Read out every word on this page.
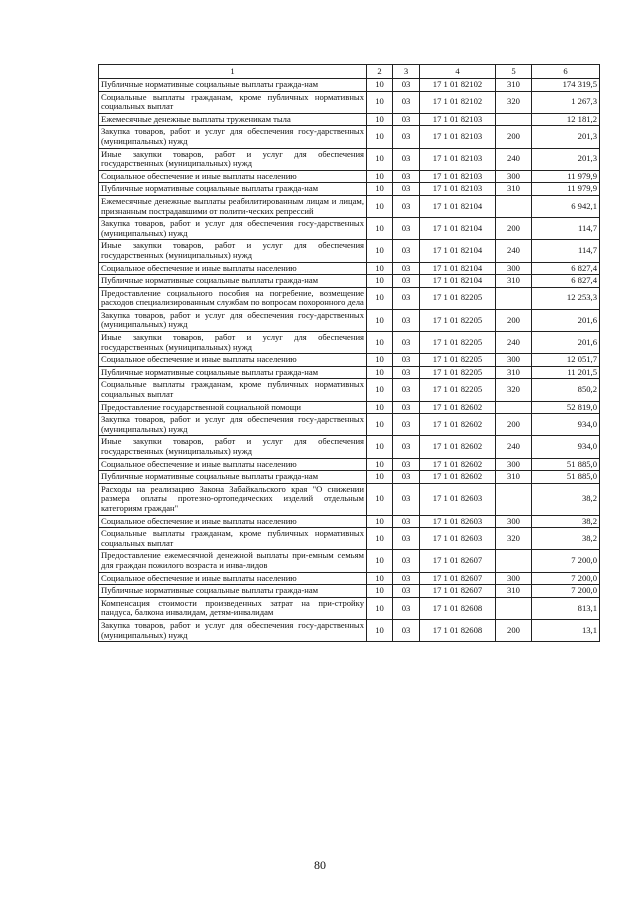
1	2	3	4	5	6
Публичные нормативные социальные выплаты гражда-нам	10	03	17 1 01 82102	310	174 319,5
Социальные выплаты гражданам, кроме публичных нормативных социальных выплат	10	03	17 1 01 82102	320	1 267,3
Ежемесячные денежные выплаты труженикам тыла	10	03	17 1 01 82103		12 181,2
Закупка товаров, работ и услуг для обеспечения госу-дарственных (муниципальных) нужд	10	03	17 1 01 82103	200	201,3
Иные закупки товаров, работ и услуг для обеспечения государственных (муниципальных) нужд	10	03	17 1 01 82103	240	201,3
Социальное обеспечение и иные выплаты населению	10	03	17 1 01 82103	300	11 979,9
Публичные нормативные социальные выплаты гражда-нам	10	03	17 1 01 82103	310	11 979,9
Ежемесячные денежные выплаты реабилитированным лицам и лицам, признанным пострадавшими от полити-ческих репрессий	10	03	17 1 01 82104		6 942,1
Закупка товаров, работ и услуг для обеспечения госу-дарственных (муниципальных) нужд	10	03	17 1 01 82104	200	114,7
Иные закупки товаров, работ и услуг для обеспечения государственных (муниципальных) нужд	10	03	17 1 01 82104	240	114,7
Социальное обеспечение и иные выплаты населению	10	03	17 1 01 82104	300	6 827,4
Публичные нормативные социальные выплаты гражда-нам	10	03	17 1 01 82104	310	6 827,4
Предоставление социального пособия на погребение, возмещение расходов специализированным службам по вопросам похоронного дела	10	03	17 1 01 82205		12 253,3
Закупка товаров, работ и услуг для обеспечения госу-дарственных (муниципальных) нужд	10	03	17 1 01 82205	200	201,6
Иные закупки товаров, работ и услуг для обеспечения государственных (муниципальных) нужд	10	03	17 1 01 82205	240	201,6
Социальное обеспечение и иные выплаты населению	10	03	17 1 01 82205	300	12 051,7
Публичные нормативные социальные выплаты гражда-нам	10	03	17 1 01 82205	310	11 201,5
Социальные выплаты гражданам, кроме публичных нормативных социальных выплат	10	03	17 1 01 82205	320	850,2
Предоставление государственной социальной помощи	10	03	17 1 01 82602		52 819,0
Закупка товаров, работ и услуг для обеспечения госу-дарственных (муниципальных) нужд	10	03	17 1 01 82602	200	934,0
Иные закупки товаров, работ и услуг для обеспечения государственных (муниципальных) нужд	10	03	17 1 01 82602	240	934,0
Социальное обеспечение и иные выплаты населению	10	03	17 1 01 82602	300	51 885,0
Публичные нормативные социальные выплаты гражда-нам	10	03	17 1 01 82602	310	51 885,0
Расходы на реализацию Закона Забайкальского края "О снижении размера оплаты протезно-ортопедических изделий отдельным категориям граждан"	10	03	17 1 01 82603		38,2
Социальное обеспечение и иные выплаты населению	10	03	17 1 01 82603	300	38,2
Социальные выплаты гражданам, кроме публичных нормативных социальных выплат	10	03	17 1 01 82603	320	38,2
Предоставление ежемесячной денежной выплаты при-емным семьям для граждан пожилого возраста и инва-лидов	10	03	17 1 01 82607		7 200,0
Социальное обеспечение и иные выплаты населению	10	03	17 1 01 82607	300	7 200,0
Публичные нормативные социальные выплаты гражда-нам	10	03	17 1 01 82607	310	7 200,0
Компенсация стоимости произведенных затрат на при-стройку пандуса, балкона инвалидам, детям-инвалидам	10	03	17 1 01 82608		813,1
Закупка товаров, работ и услуг для обеспечения госу-дарственных (муниципальных) нужд	10	03	17 1 01 82608	200	13,1
80
